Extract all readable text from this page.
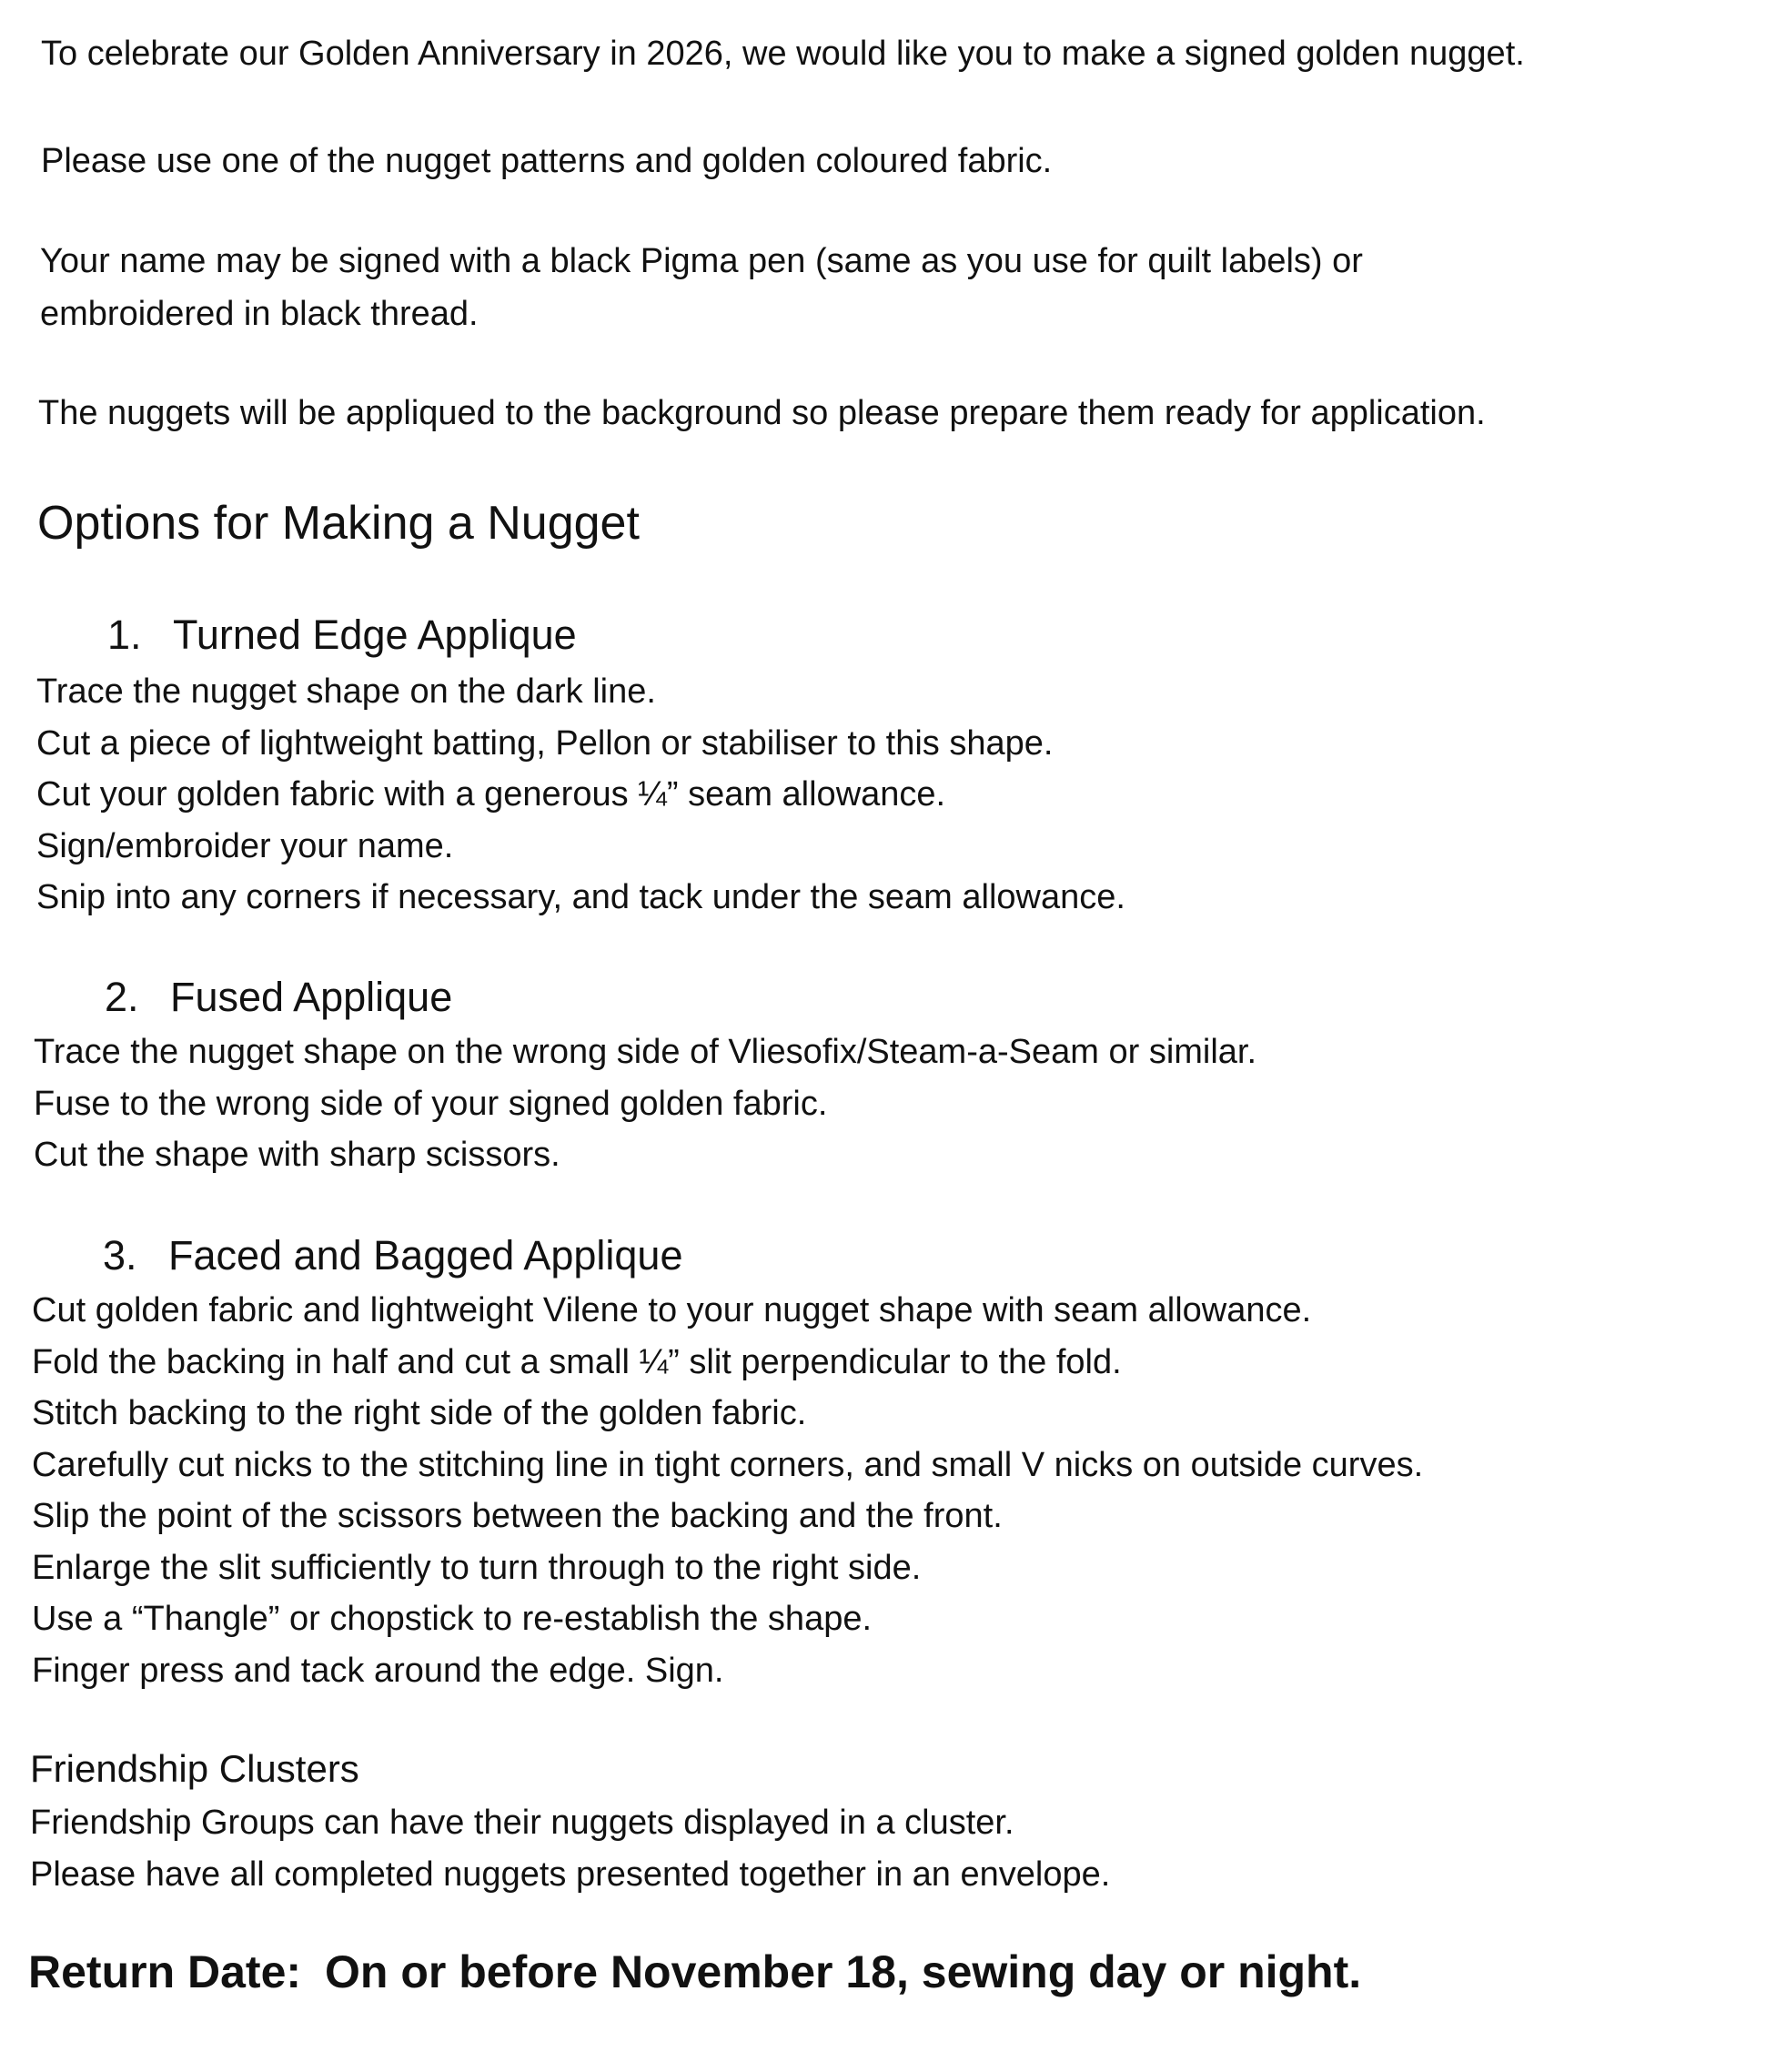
To celebrate our Golden Anniversary in 2026, we would like you to make a signed golden nugget.

Please use one of the nugget patterns and golden coloured fabric.

Your name may be signed with a black Pigma pen (same as you use for quilt labels) or

embroidered in black thread.

The nuggets will be appliqued to the background so please prepare them ready for application.

Options for Making a Nugget
1. Turned Edge Applique
Trace the nugget shape on the dark line.
Cut a piece of lightweight batting, Pellon or stabiliser to this shape.
Cut your golden fabric with a generous ¼” seam allowance.
Sign/embroider your name.
Snip into any corners if necessary, and tack under the seam allowance.
2. Fused Applique
Trace the nugget shape on the wrong side of Vliesofix/Steam-a-Seam or similar.
Fuse to the wrong side of your signed golden fabric.
Cut the shape with sharp scissors.
3. Faced and Bagged Applique
Cut golden fabric and lightweight Vilene to your nugget shape with seam allowance.
Fold the backing in half and cut a small ¼” slit perpendicular to the fold.
Stitch backing to the right side of the golden fabric.
Carefully cut nicks to the stitching line in tight corners, and small V nicks on outside curves.
Slip the point of the scissors between the backing and the front.
Enlarge the slit sufficiently to turn through to the right side.
Use a “Thangle” or chopstick to re-establish the shape.
Finger press and tack around the edge. Sign.
Friendship Clusters

Friendship Groups can have their nuggets displayed in a cluster.

Please have all completed nuggets presented together in an envelope.

Return Date: On or before November 18, sewing day or night.
